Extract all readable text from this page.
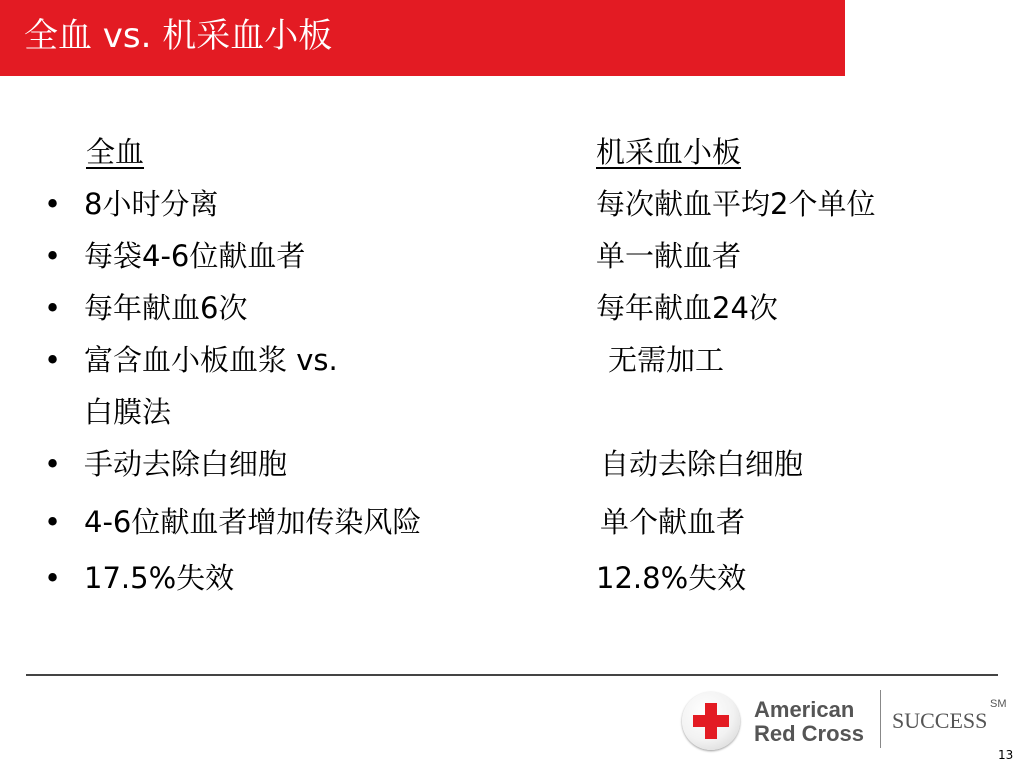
全血 vs. 机采血小板
全血	机采血小板
• 8小时分离	每次献血平均2个单位
• 每袋4-6位献血者	单一献血者
• 每年献血6次	每年献血24次
• 富含血小板血浆 vs.	无需加工
白膜法
• 手动去除白细胞	自动去除白细胞
• 4-6位献血者增加传染风险	单个献血者
• 17.5%失效	12.8%失效
American
Red Cross
SUCCESS
SM
13
